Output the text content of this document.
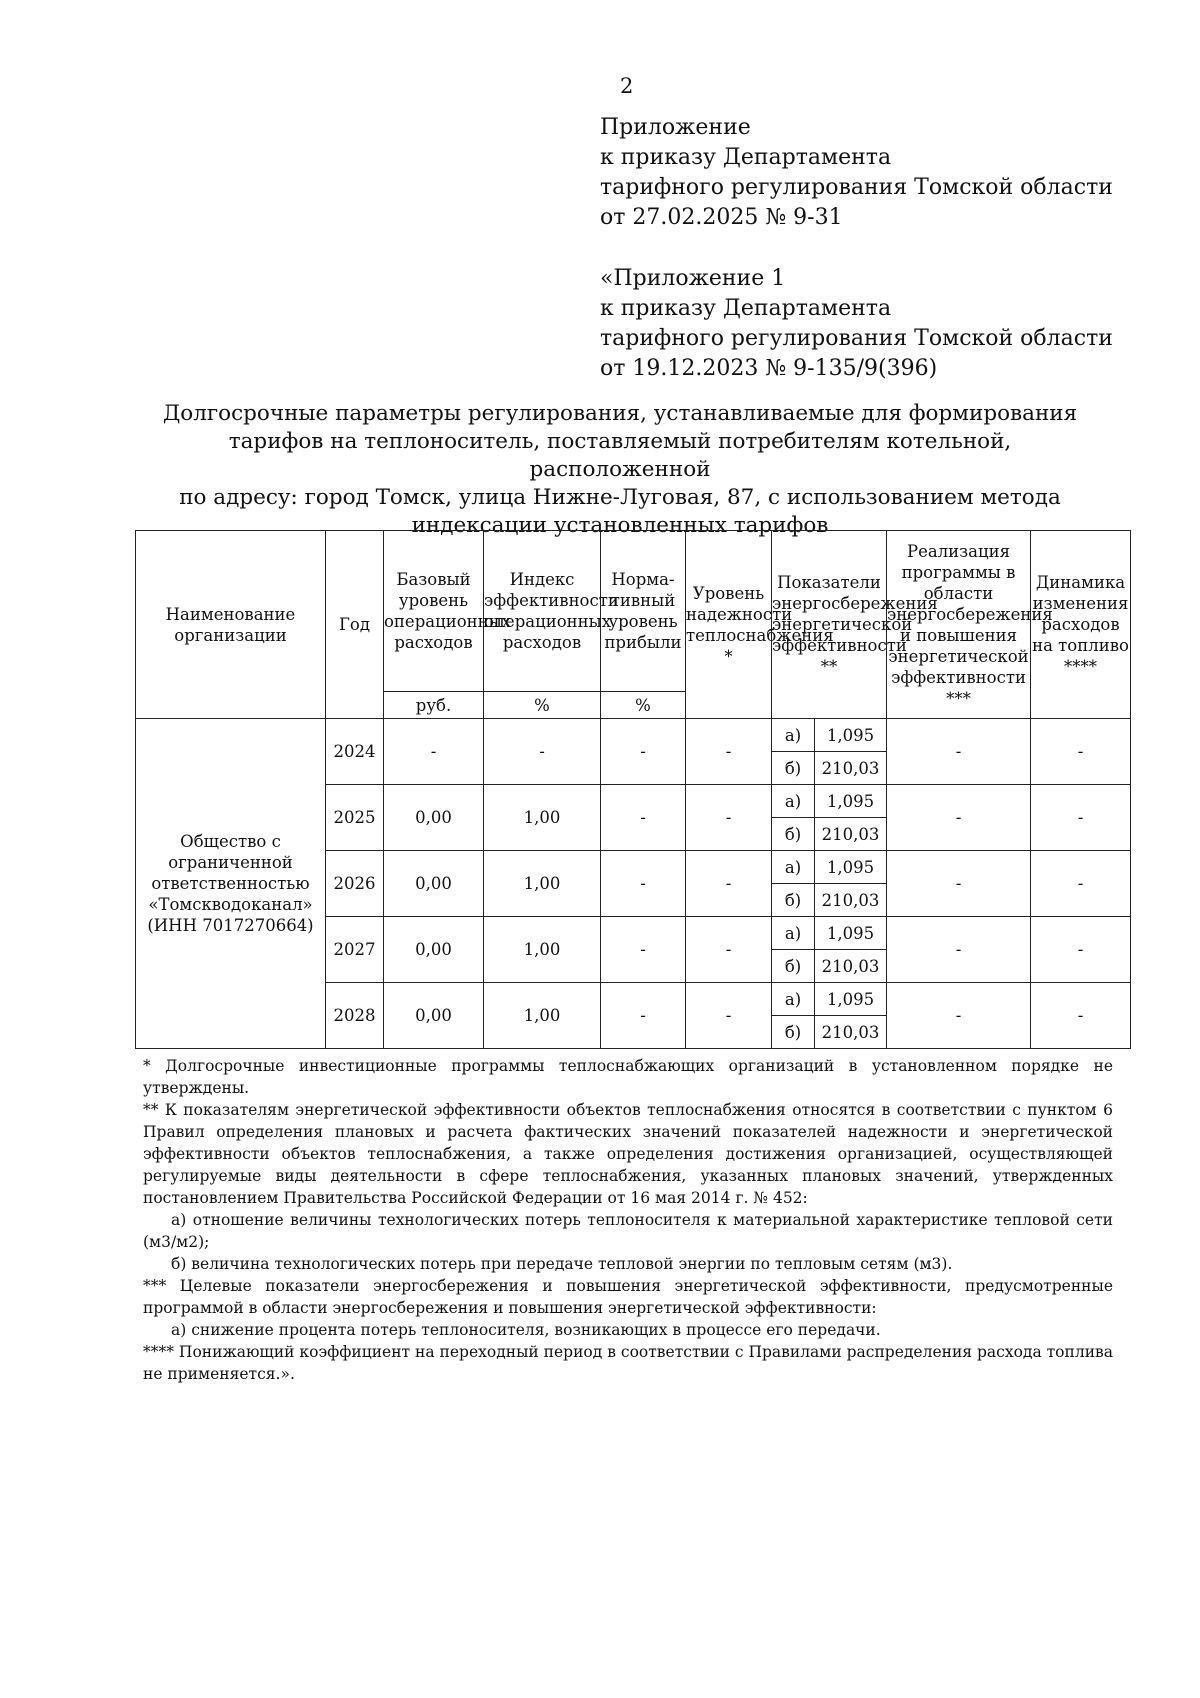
2
Приложение
к приказу Департамента
тарифного регулирования Томской области
от 27.02.2025 № 9-31
«Приложение 1
к приказу Департамента
тарифного регулирования Томской области
от 19.12.2023 № 9-135/9(396)
Долгосрочные параметры регулирования, устанавливаемые для формирования
тарифов на теплоноситель, поставляемый потребителям котельной, расположенной
по адресу: город Томск, улица Нижне-Луговая, 87, с использованием метода
индексации установленных тарифов
Наименование организации	Год	Базовый уровень операционных расходов	Индекс эффективности операционных расходов	Норма-тивный уровень прибыли	Уровень надежности теплоснабжения *	Показатели энергосбережения энергетической эффективности **		Реализация программы в области энергосбережения и повышения энергетической эффективности ***	Динамика изменения расходов на топливо ****
		руб.	%	%					
Общество с ограниченной ответственностью «Томскводоканал» (ИНН 7017270664)	2024	-	-	-	-	а)	1,095	-	-
						б)	210,03		
	2025	0,00	1,00	-	-	а)	1,095	-	-
						б)	210,03		
	2026	0,00	1,00	-	-	а)	1,095	-	-
						б)	210,03		
	2027	0,00	1,00	-	-	а)	1,095	-	-
						б)	210,03		
	2028	0,00	1,00	-	-	а)	1,095	-	-
						б)	210,03		

* Долгосрочные инвестиционные программы теплоснабжающих организаций в установленном порядке не утверждены.

** К показателям энергетической эффективности объектов теплоснабжения относятся в соответствии с пунктом 6 Правил определения плановых и расчета фактических значений показателей надежности и энергетической эффективности объектов теплоснабжения, а также определения достижения организацией, осуществляющей регулируемые виды деятельности в сфере теплоснабжения, указанных плановых значений, утвержденных постановлением Правительства Российской Федерации от 16 мая 2014 г. № 452:

а) отношение величины технологических потерь теплоносителя к материальной характеристике тепловой сети (м3/м2);

б) величина технологических потерь при передаче тепловой энергии по тепловым сетям (м3).

*** Целевые показатели энергосбережения и повышения энергетической эффективности, предусмотренные программой в области энергосбережения и повышения энергетической эффективности:

а) снижение процента потерь теплоносителя, возникающих в процессе его передачи.

**** Понижающий коэффициент на переходный период в соответствии с Правилами распределения расхода топлива не применяется.».
